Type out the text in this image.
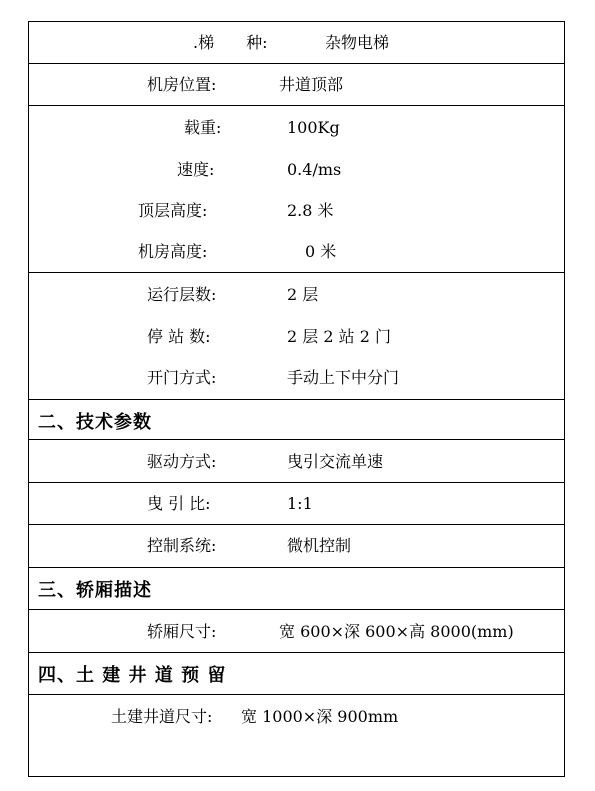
.梯　　种:	杂物电梯
机房位置:	井道顶部
载重:	100Kg
速度:	0.4/ms
顶层高度:	2.8 米
机房高度:	0 米
运行层数:	2 层
停 站 数:	2 层 2 站 2 门
开门方式:	手动上下中分门
二、技术参数
驱动方式:	曳引交流单速
曳 引 比:	1:1
控制系统:	微机控制
三、轿厢描述
轿厢尺寸:	宽 600×深 600×高 8000(mm)
四、土 建 井 道 预 留
土建井道尺寸: 宽 1000×深 900mm
